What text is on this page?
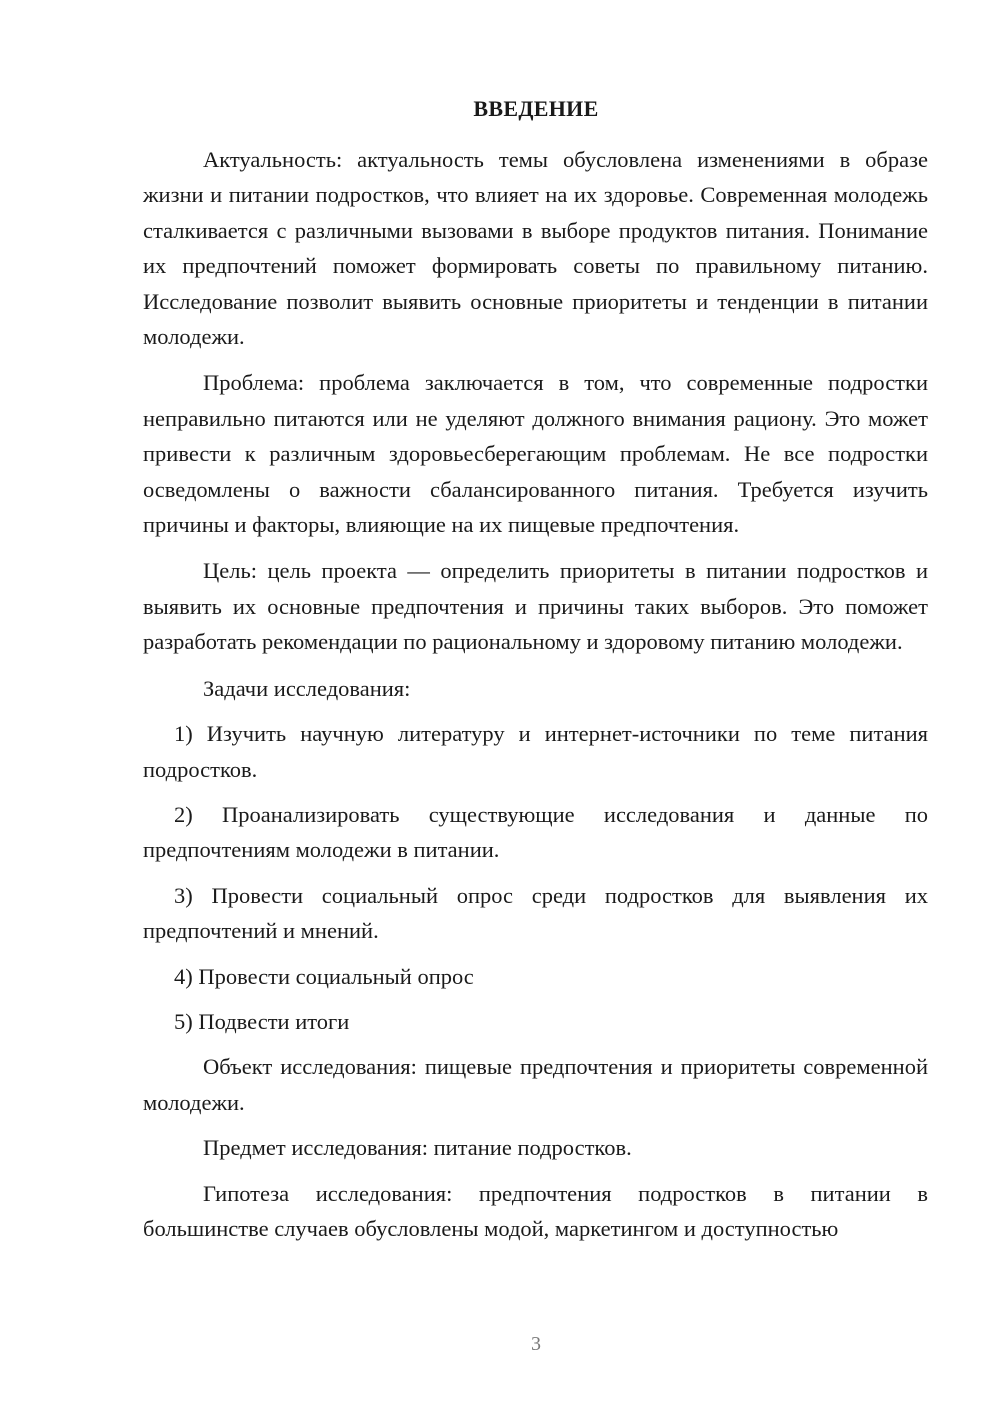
ВВЕДЕНИЕ

Актуальность: актуальность темы обусловлена изменениями в образе жизни и питании подростков, что влияет на их здоровье. Современная молодежь сталкивается с различными вызовами в выборе продуктов питания. Понимание их предпочтений поможет формировать советы по правильному питанию. Исследование позволит выявить основные приоритеты и тенденции в питании молодежи.

Проблема: проблема заключается в том, что современные подростки неправильно питаются или не уделяют должного внимания рациону. Это может привести к различным здоровьесберегающим проблемам. Не все подростки осведомлены о важности сбалансированного питания. Требуется изучить причины и факторы, влияющие на их пищевые предпочтения.

Цель: цель проекта — определить приоритеты в питании подростков и выявить их основные предпочтения и причины таких выборов. Это поможет разработать рекомендации по рациональному и здоровому питанию молодежи.

Задачи исследования:

1) Изучить научную литературу и интернет-источники по теме питания подростков.

2) Проанализировать существующие исследования и данные по предпочтениям молодежи в питании.

3) Провести социальный опрос среди подростков для выявления их предпочтений и мнений.

4) Провести социальный опрос

5) Подвести итоги

Объект исследования: пищевые предпочтения и приоритеты современной молодежи.

Предмет исследования: питание подростков.

Гипотеза исследования: предпочтения подростков в питании в большинстве случаев обусловлены модой, маркетингом и доступностью

3
